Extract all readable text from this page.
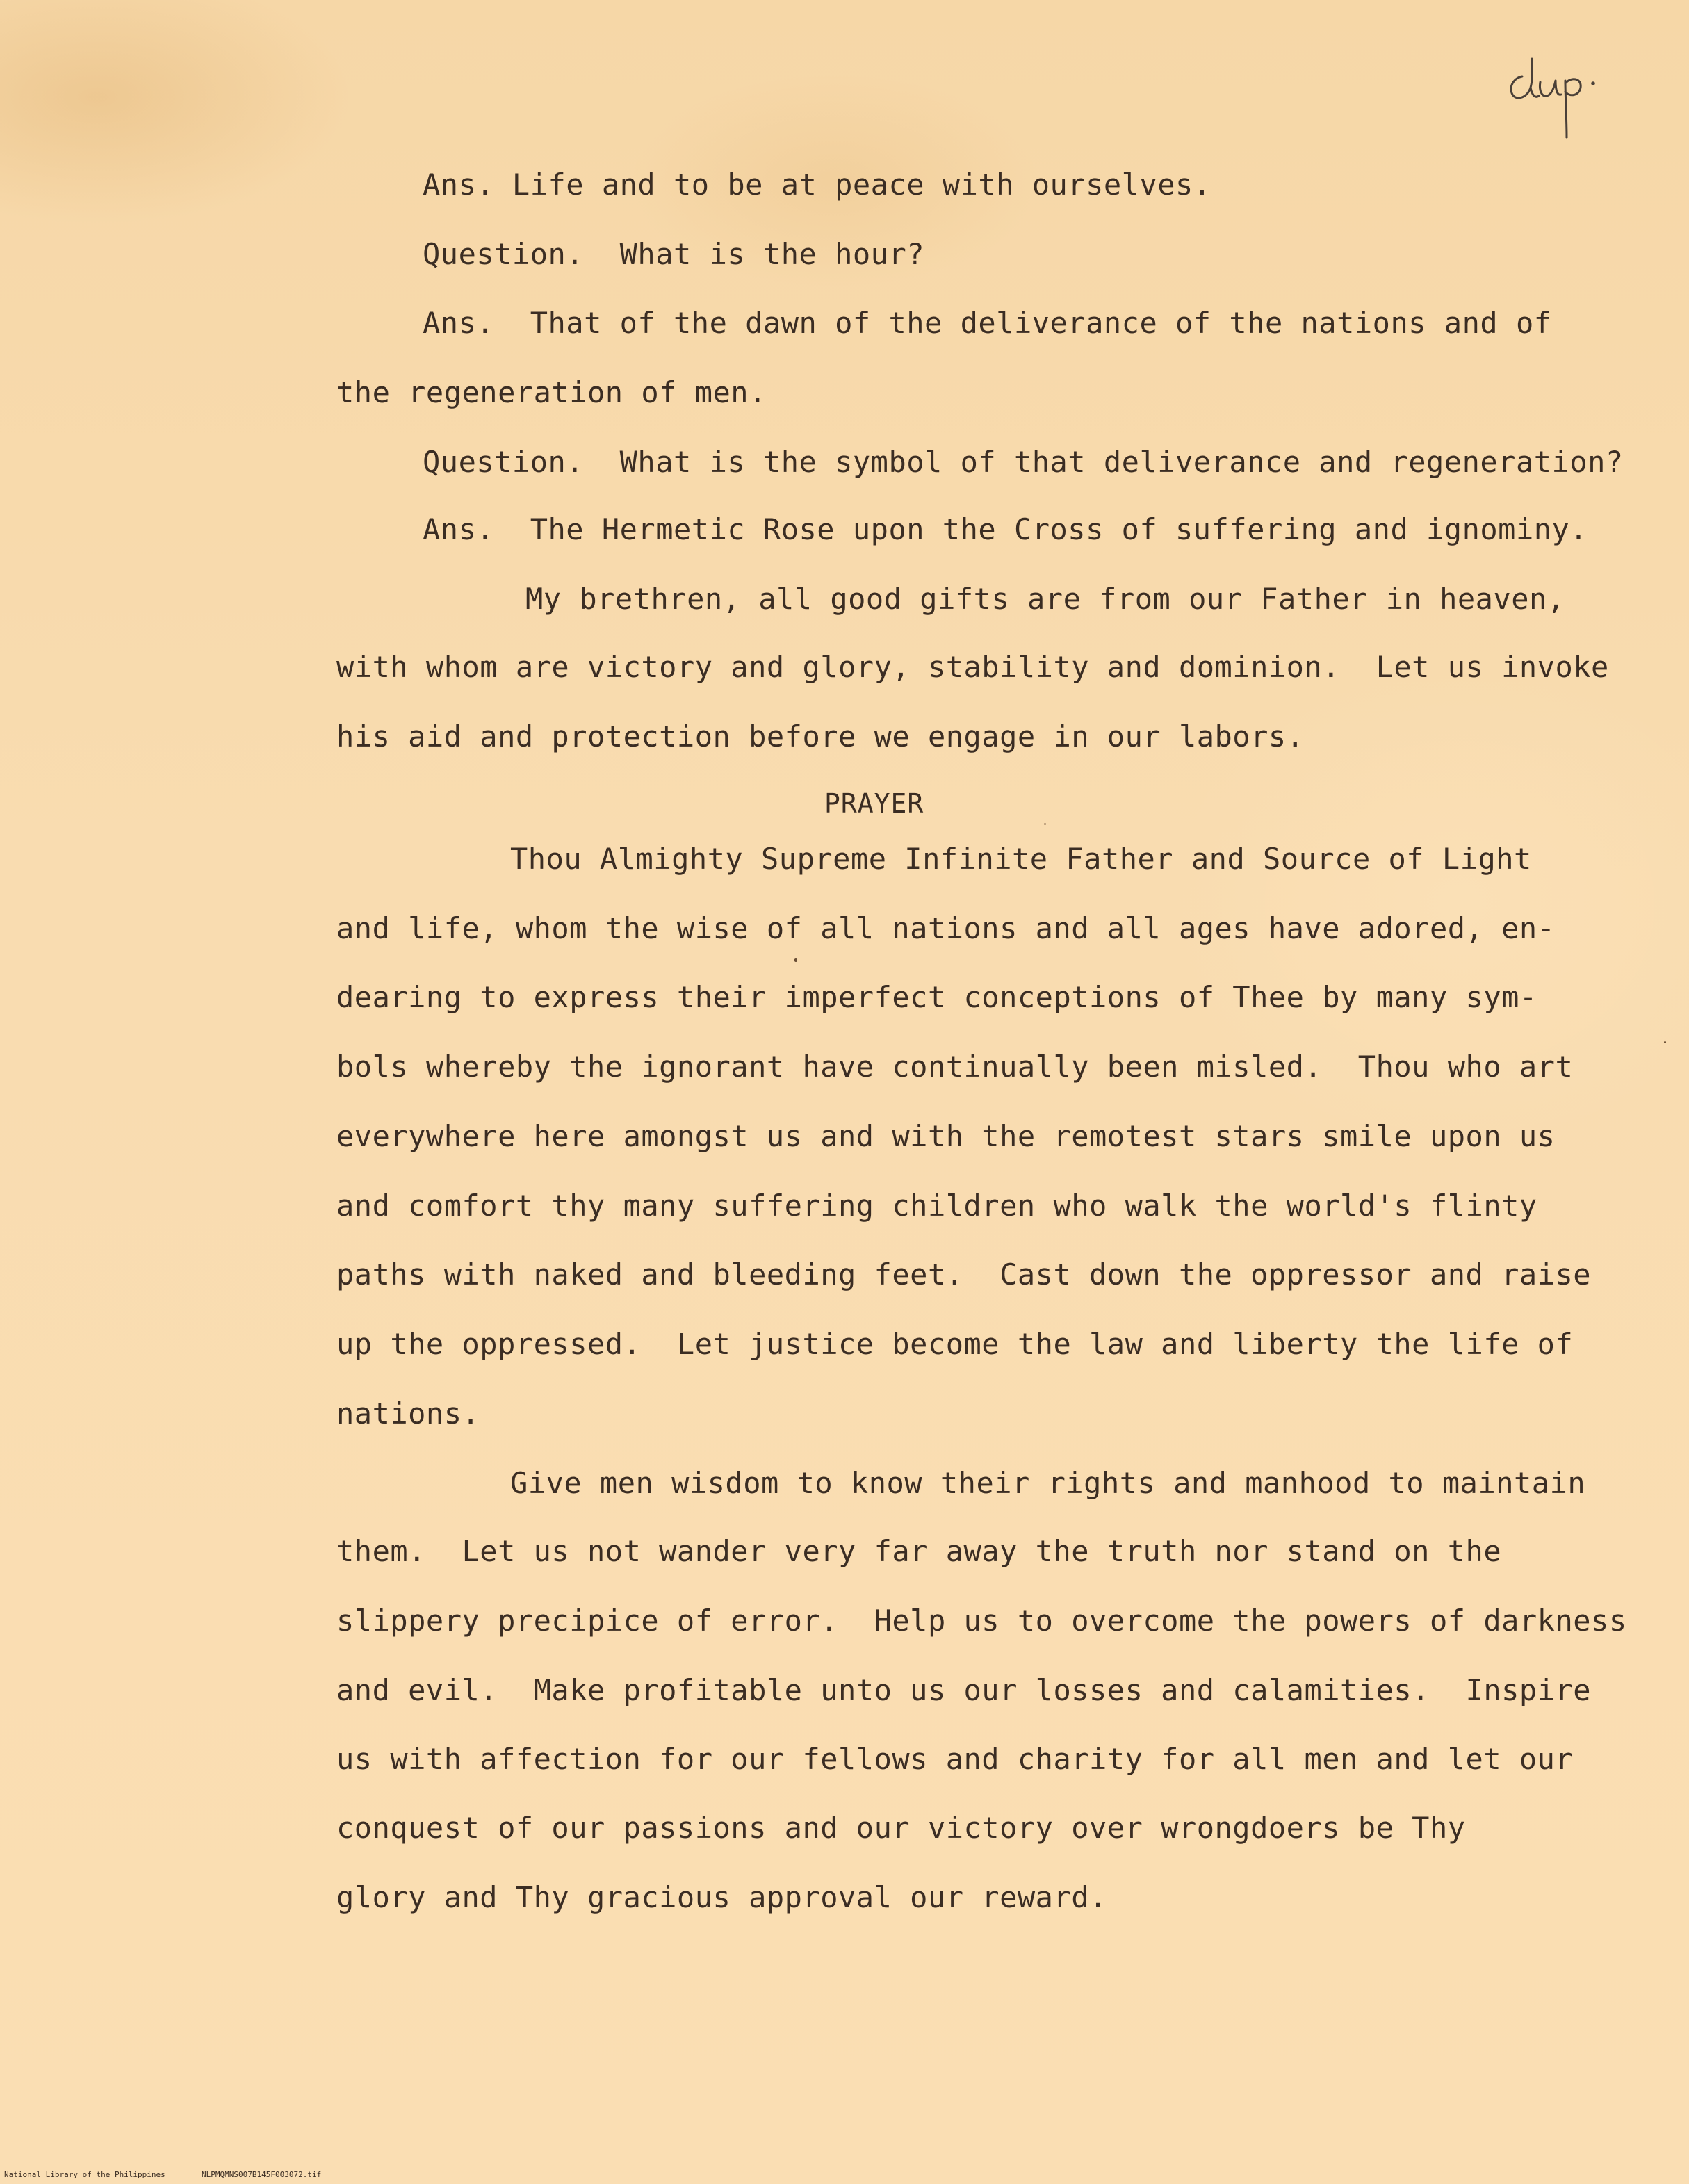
Ans. Life and to be at peace with ourselves.
Question.  What is the hour?
Ans.  That of the dawn of the deliverance of the nations and of
the regeneration of men.
Question.  What is the symbol of that deliverance and regeneration?
Ans.  The Hermetic Rose upon the Cross of suffering and ignominy.
My brethren, all good gifts are from our Father in heaven,
with whom are victory and glory, stability and dominion.  Let us invoke
his aid and protection before we engage in our labors.
PRAYER
Thou Almighty Supreme Infinite Father and Source of Light
and life, whom the wise of all nations and all ages have adored, en-
dearing to express their imperfect conceptions of Thee by many sym-
bols whereby the ignorant have continually been misled.  Thou who art
everywhere here amongst us and with the remotest stars smile upon us
and comfort thy many suffering children who walk the world's flinty
paths with naked and bleeding feet.  Cast down the oppressor and raise
up the oppressed.  Let justice become the law and liberty the life of
nations.
Give men wisdom to know their rights and manhood to maintain
them.  Let us not wander very far away the truth nor stand on the
slippery precipice of error.  Help us to overcome the powers of darkness
and evil.  Make profitable unto us our losses and calamities.  Inspire
us with affection for our fellows and charity for all men and let our
conquest of our passions and our victory over wrongdoers be Thy
glory and Thy gracious approval our reward.
National Library of the Philippines	NLPMQMNS007B145F003072.tif
